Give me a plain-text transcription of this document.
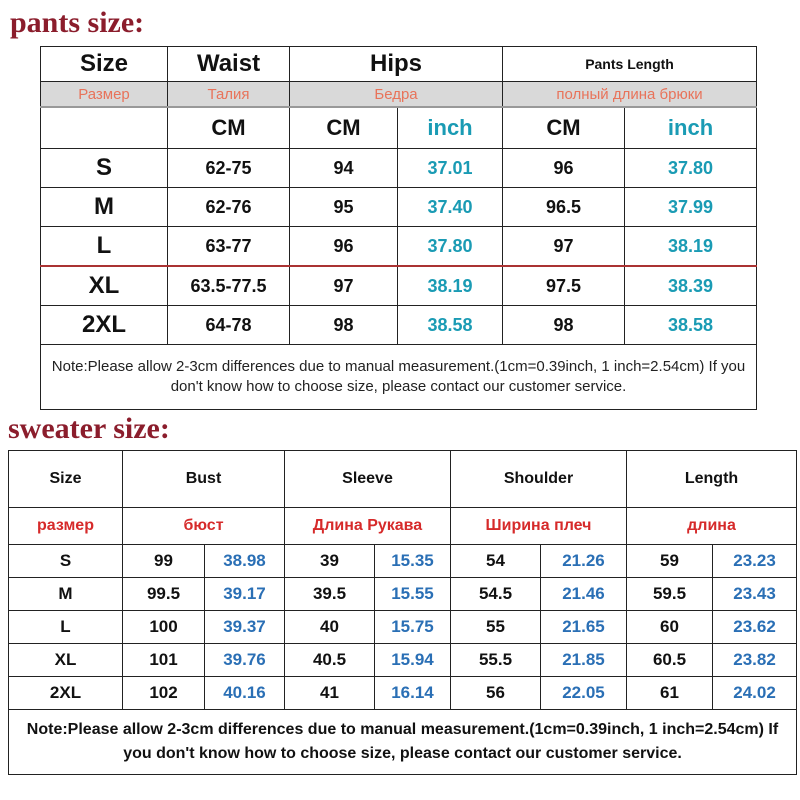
pants size:
Size	Waist	Hips		Pants Length	
Размер	Талия	Бедра		полный длина брюки	
	CM	CM	inch	CM	inch
S	62-75	94	37.01	96	37.80
M	62-76	95	37.40	96.5	37.99
L	63-77	96	37.80	97	38.19
XL	63.5-77.5	97	38.19	97.5	38.39
2XL	64-78	98	38.58	98	38.58
Note:Please allow 2-3cm differences due to manual measurement.(1cm=0.39inch, 1 inch=2.54cm) If you don't know how to choose size, please contact our customer service.					
sweater size:
Size	Bust		Sleeve		Shoulder		Length	
размер	бюст		Длина Рукава		Ширина плеч		длина	
S	99	38.98	39	15.35	54	21.26	59	23.23
M	99.5	39.17	39.5	15.55	54.5	21.46	59.5	23.43
L	100	39.37	40	15.75	55	21.65	60	23.62
XL	101	39.76	40.5	15.94	55.5	21.85	60.5	23.82
2XL	102	40.16	41	16.14	56	22.05	61	24.02
Note:Please allow 2-3cm differences due to manual measurement.(1cm=0.39inch, 1 inch=2.54cm) If you don't know how to choose size, please contact our customer service.								
